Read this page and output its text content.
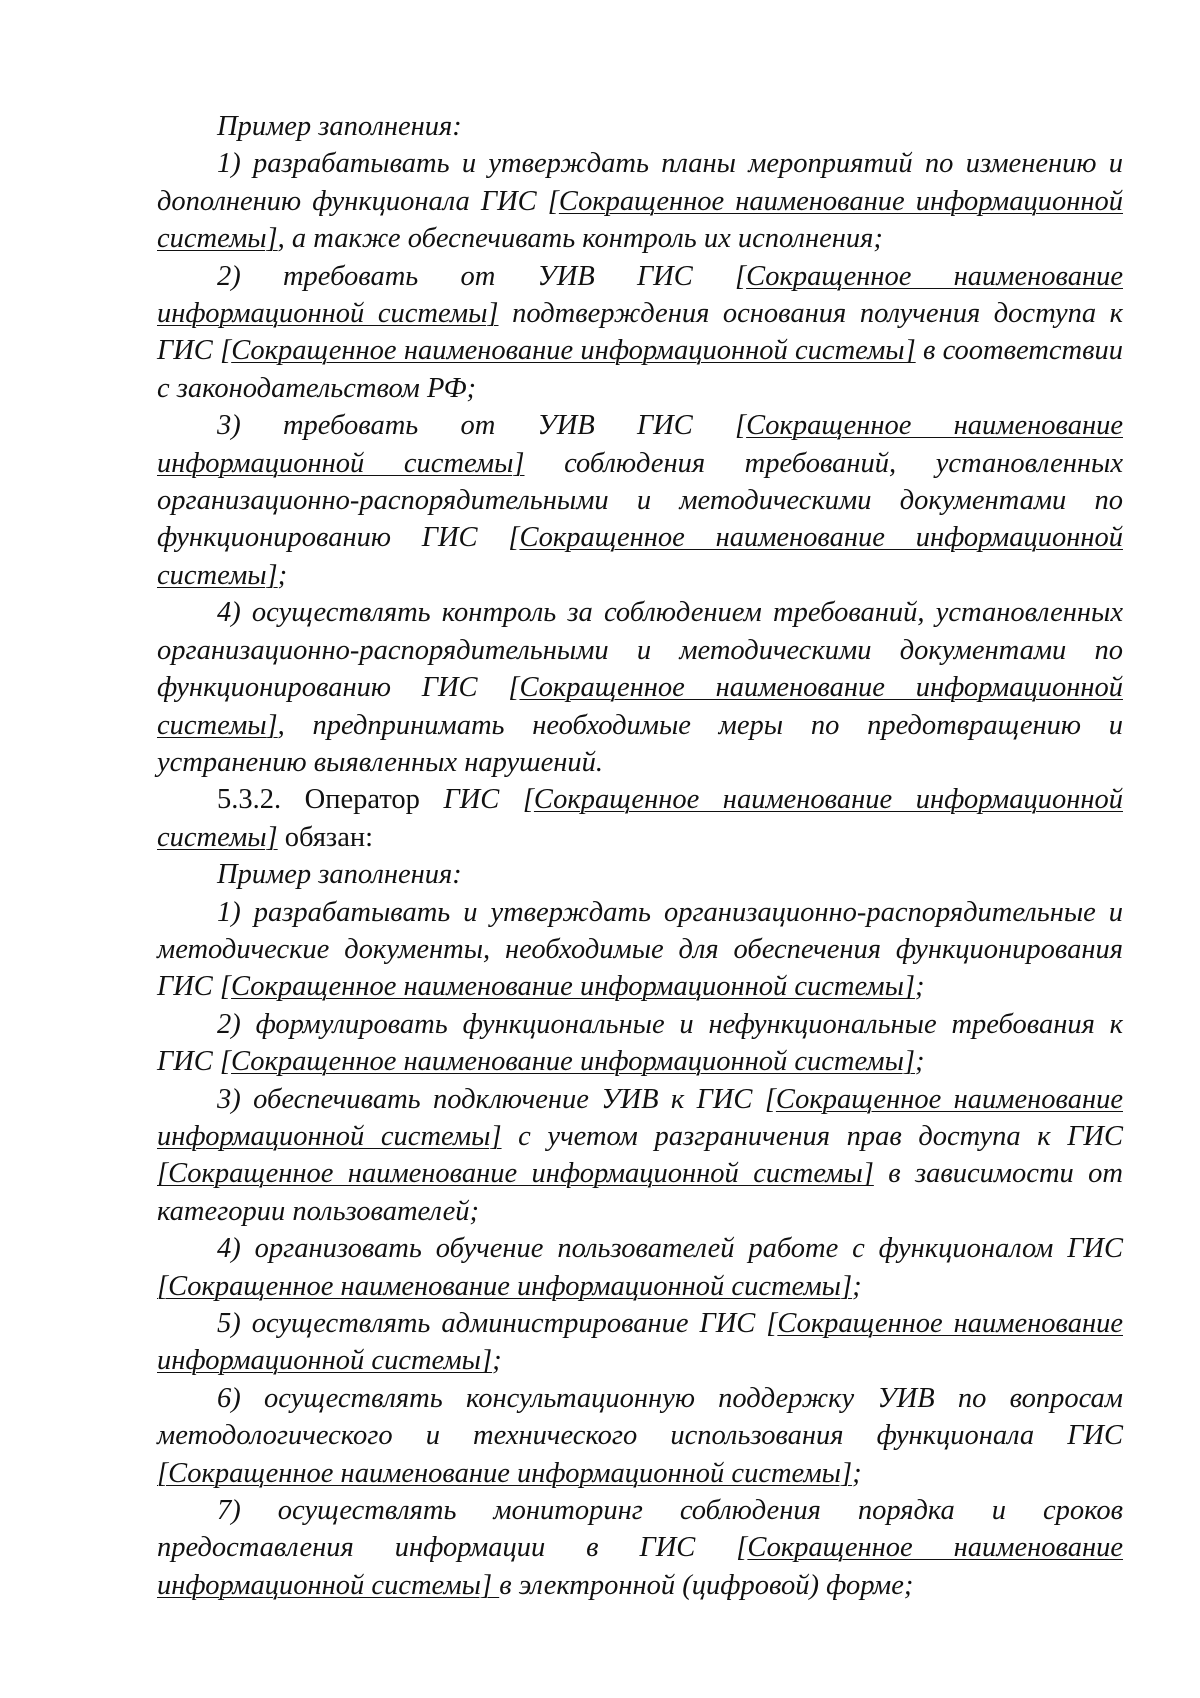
Пример заполнения:

1) разрабатывать и утверждать планы мероприятий по изменению и дополнению функционала ГИС [Сокращенное наименование информационной системы], а также обеспечивать контроль их исполнения;

2) требовать от УИВ ГИС [Сокращенное наименование информационной системы] подтверждения основания получения доступа к ГИС [Сокращенное наименование информационной системы] в соответствии с законодательством РФ;

3) требовать от УИВ ГИС [Сокращенное наименование информационной системы] соблюдения требований, установленных организационно-распорядительными и методическими документами по функционированию ГИС [Сокращенное наименование информационной системы];

4) осуществлять контроль за соблюдением требований, установленных организационно-распорядительными и методическими документами по функционированию ГИС [Сокращенное наименование информационной системы], предпринимать необходимые меры по предотвращению и устранению выявленных нарушений.

5.3.2. Оператор ГИС [Сокращенное наименование информационной системы] обязан:

Пример заполнения:

1) разрабатывать и утверждать организационно-распорядительные и методические документы, необходимые для обеспечения функционирования ГИС [Сокращенное наименование информационной системы];

2) формулировать функциональные и нефункциональные требования к ГИС [Сокращенное наименование информационной системы];

3) обеспечивать подключение УИВ к ГИС [Сокращенное наименование информационной системы] с учетом разграничения прав доступа к ГИС [Сокращенное наименование информационной системы] в зависимости от категории пользователей;

4) организовать обучение пользователей работе с функционалом ГИС [Сокращенное наименование информационной системы];

5) осуществлять администрирование ГИС [Сокращенное наименование информационной системы];

6) осуществлять консультационную поддержку УИВ по вопросам методологического и технического использования функционала ГИС [Сокращенное наименование информационной системы];

7) осуществлять мониторинг соблюдения порядка и сроков предоставления информации в ГИС [Сокращенное наименование информационной системы] в электронной (цифровой) форме;
